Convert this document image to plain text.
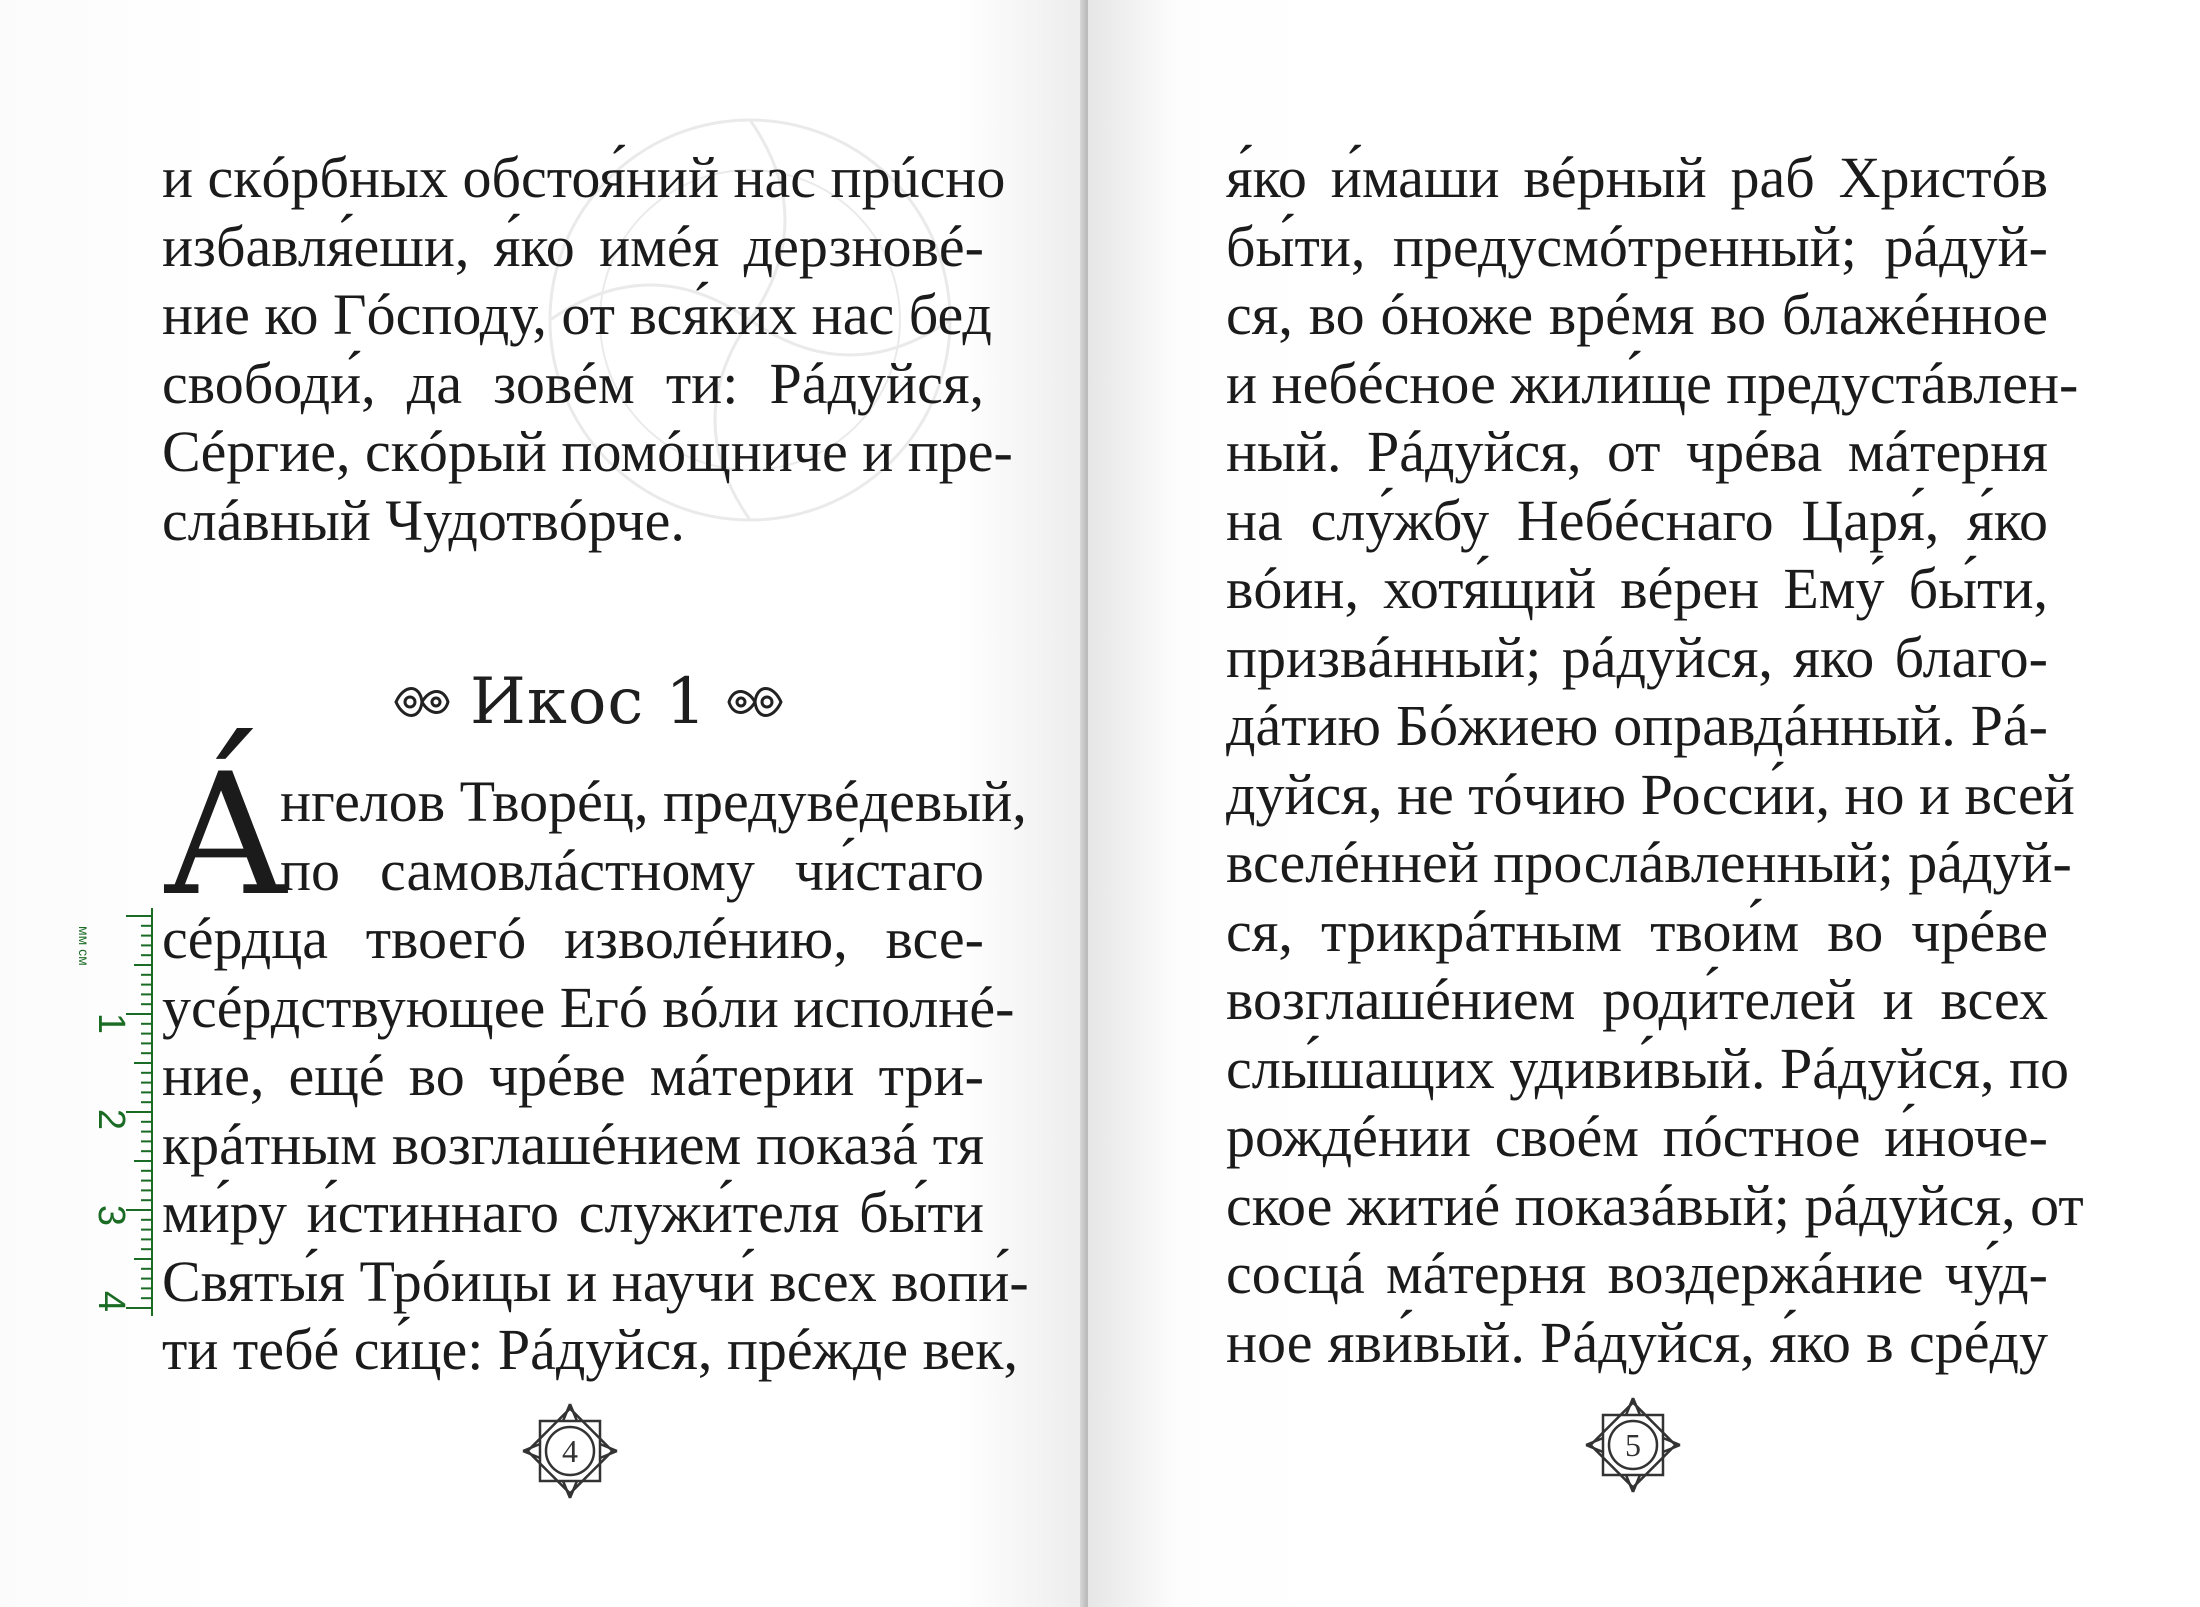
и скóрбных обстоя́ний нас прúсно
избавля́еши, я́ко имéя дерзновé-
ние ко Гóсподу, от вся́ких нас бед
свободи́, да зовéм ти: Рáдуйся,
Сéргие, скóрый помóщниче и пре-
слáвный Чудотвóрче.
Икос 1
А́
нгелов Творéц, предувéдевый,
по самовлáстному чи́стаго
сéрдца твоегó изволéнию, все-
усéрдствующее Егó вóли исполнé-
ние, ещé во чрéве мáтерии три-
крáтным возглашéнием показá тя
ми́ру и́стиннаго служи́теля бы́ти
Святы́я Трóицы и научи́ всех вопи́-
ти тебé си́це: Рáдуйся, прéжде век,
мм см
1
2
3
4
4
я́ко и́маши вéрный раб Христóв
бы́ти, предусмóтренный; рáдуй-
ся, во óноже врéмя во блажéнное
и небéсное жили́ще предустáвлен-
ный. Рáдуйся, от чрéва мáтерня
на слу́жбу Небéснаго Царя́, я́ко
вóин, хотя́щий вéрен Ему́ бы́ти,
призвáнный; рáдуйся, яко благо-
дáтию Бóжиею оправдáнный. Рá-
дуйся, не тóчию Росси́и, но и всей
вселéнней прослáвленный; рáдуй-
ся, трикрáтным твои́м во чрéве
возглашéнием роди́телей и всех
слы́шащих удиви́вый. Рáдуйся, по
рождéнии своéм пóстное и́ноче-
ское житиé показáвый; рáдуйся, от
сосцá мáтерня воздержáние чу́д-
ное яви́вый. Рáдуйся, я́ко в срéду
5
